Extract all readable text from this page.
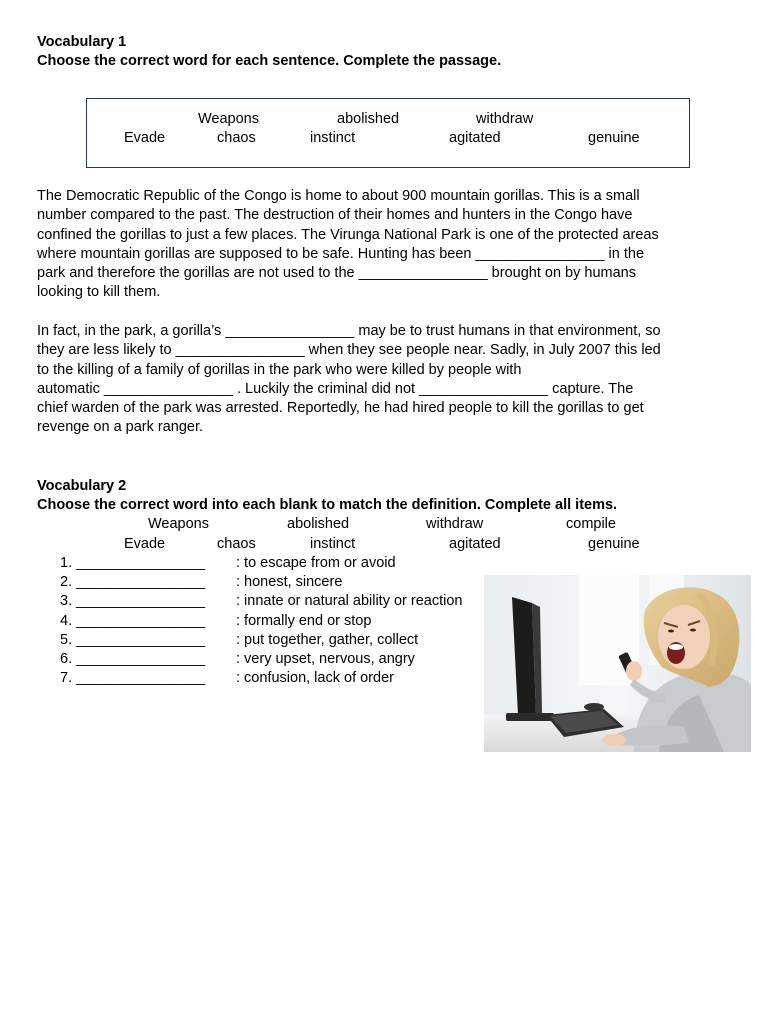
Vocabulary 1
Choose the correct word for each sentence. Complete the passage.
Weapons	abolished	withdraw
Evade	chaos	instinct	agitated	genuine
The Democratic Republic of the Congo is home to about 900 mountain gorillas. This is a small
number compared to the past. The destruction of their homes and hunters in the Congo have
confined the gorillas to just a few places. The Virunga National Park is one of the protected areas
where mountain gorillas are supposed to be safe. Hunting has been ________________ in the
park and therefore the gorillas are not used to the ________________ brought on by humans
looking to kill them.
In fact, in the park, a gorilla’s ________________ may be to trust humans in that environment, so
they are less likely to ________________ when they see people near. Sadly, in July 2007 this led
to the killing of a family of gorillas in the park who were killed by people with
automatic ________________ . Luckily the criminal did not ________________ capture. The
chief warden of the park was arrested. Reportedly, he had hired people to kill the gorillas to get
revenge on a park ranger.
Vocabulary 2
Choose the correct word into each blank to match the definition. Complete all items.
Weapons	abolished	withdraw	compile
Evade	chaos	instinct	agitated	genuine
1. ________________ : to escape from or avoid
2. ________________ : honest, sincere
3. ________________ : innate or natural ability or reaction
4. ________________ : formally end or stop
5. ________________ : put together, gather, collect
6. ________________ : very upset, nervous, angry
7. ________________ : confusion, lack of order
